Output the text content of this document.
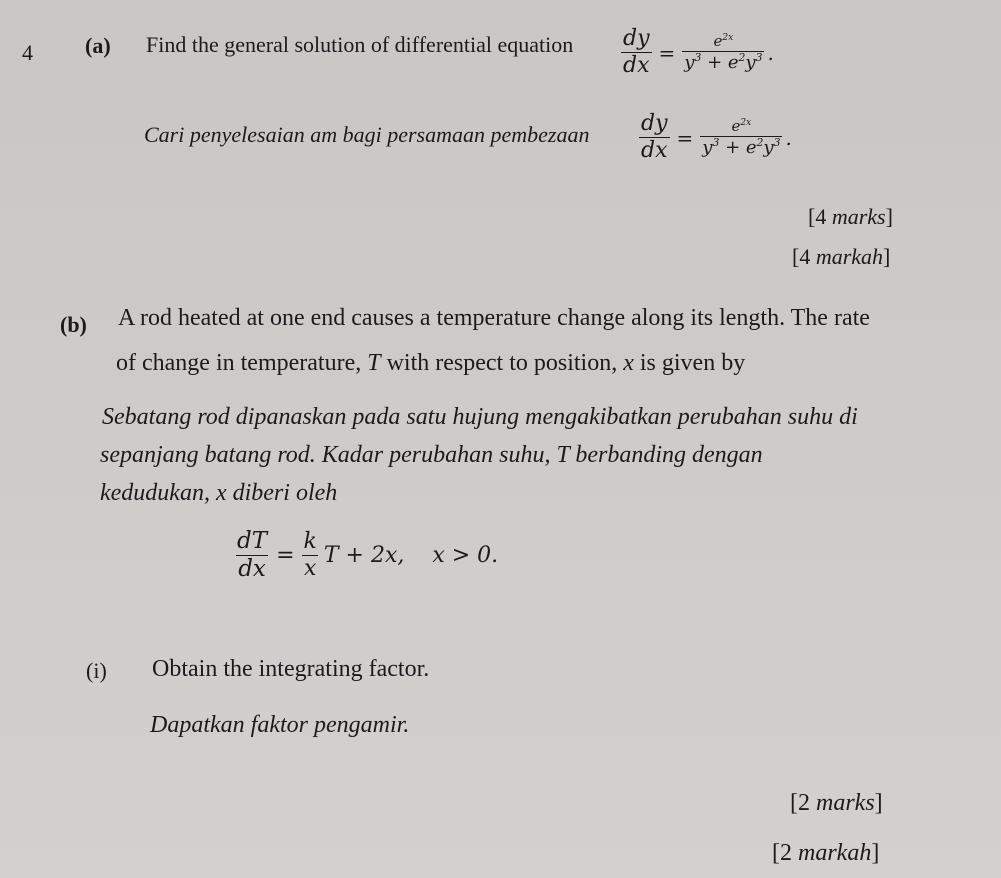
4 (a) Find the general solution of differential equation $\frac{dy}{dx} = \frac{e^{2x}}{y^3 + e^2y^3}$ .
Cari penyelesaian am bagi persamaan pembezaan $\frac{dy}{dx} = \frac{e^{2x}}{y^3 + e^2y^3}$ .
[4 marks]
[4 markah]
(b) A rod heated at one end causes a temperature change along its length. The rate
of change in temperature, T with respect to position, x is given by
Sebatang rod dipanaskan pada satu hujung mengakibatkan perubahan suhu di
sepanjang batang rod. Kadar perubahan suhu, T berbanding dengan
kedudukan, x diberi oleh
$\frac{dT}{dx} = \frac{k}{x}$ T + 2x, x > 0.
(i) Obtain the integrating factor.
Dapatkan faktor pengamir.
[2 marks]
[2 markah]
